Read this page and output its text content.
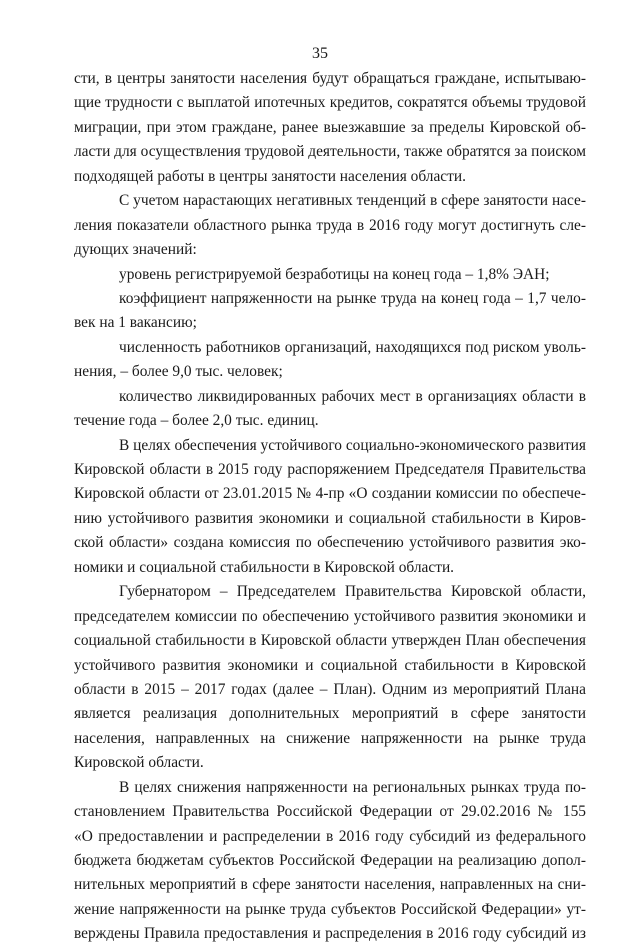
35
сти, в центры занятости населения будут обращаться граждане, испытываю-
щие трудности с выплатой ипотечных кредитов, сократятся объемы трудовой
миграции, при этом граждане, ранее выезжавшие за пределы Кировской об-
ласти для осуществления трудовой деятельности, также обратятся за поиском
подходящей работы в центры занятости населения области.
С учетом нарастающих негативных тенденций в сфере занятости насе-
ления показатели областного рынка труда в 2016 году могут достигнуть сле-
дующих значений:
уровень регистрируемой безработицы на конец года – 1,8% ЭАН;
коэффициент напряженности на рынке труда на конец года – 1,7 чело-
век на 1 вакансию;
численность работников организаций, находящихся под риском уволь-
нения, – более 9,0 тыс. человек;
количество ликвидированных рабочих мест в организациях области в
течение года – более 2,0 тыс. единиц.
В целях обеспечения устойчивого социально-экономического развития
Кировской области в 2015 году распоряжением Председателя Правительства
Кировской области от 23.01.2015 № 4-пр «О создании комиссии по обеспече-
нию устойчивого развития экономики и социальной стабильности в Киров-
ской области» создана комиссия по обеспечению устойчивого развития эко-
номики и социальной стабильности в Кировской области.
Губернатором – Председателем Правительства Кировской области,
председателем комиссии по обеспечению устойчивого развития экономики и
социальной стабильности в Кировской области утвержден План обеспечения
устойчивого развития экономики и социальной стабильности в Кировской
области в 2015 – 2017 годах (далее – План). Одним из мероприятий Плана
является реализация дополнительных мероприятий в сфере занятости
населения, направленных на снижение напряженности на рынке труда
Кировской области.
В целях снижения напряженности на региональных рынках труда по-
становлением Правительства Российской Федерации от 29.02.2016 № 155
«О предоставлении и распределении в 2016 году субсидий из федерального
бюджета бюджетам субъектов Российской Федерации на реализацию допол-
нительных мероприятий в сфере занятости населения, направленных на сни-
жение напряженности на рынке труда субъектов Российской Федерации» ут-
верждены Правила предоставления и распределения в 2016 году субсидий из
